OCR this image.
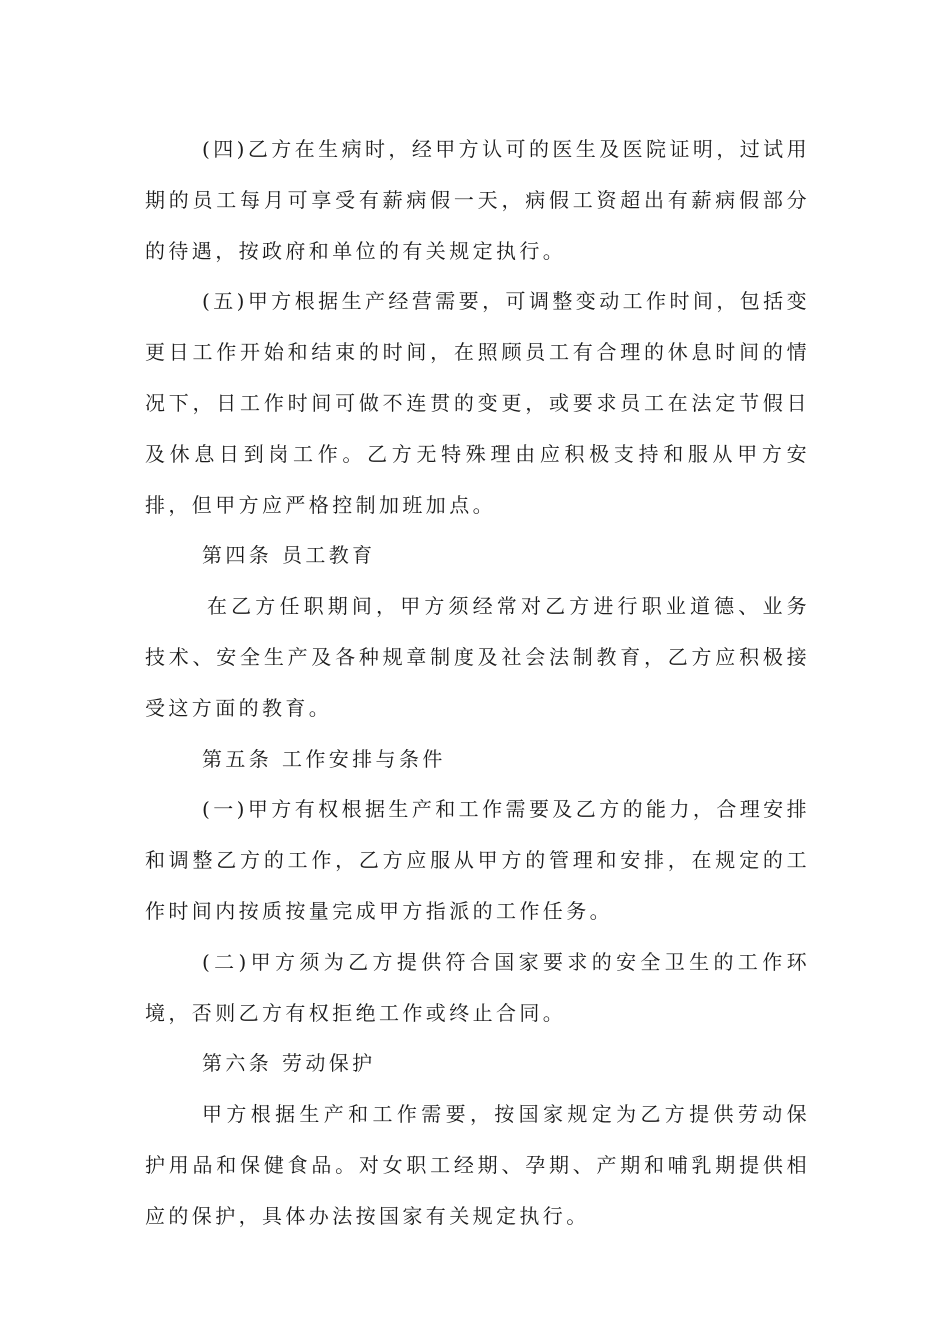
(四)乙方在生病时，经甲方认可的医生及医院证明，过试用期的员工每月可享受有薪病假一天，病假工资超出有薪病假部分的待遇，按政府和单位的有关规定执行。

(五)甲方根据生产经营需要，可调整变动工作时间，包括变更日工作开始和结束的时间，在照顾员工有合理的休息时间的情况下，日工作时间可做不连贯的变更，或要求员工在法定节假日及休息日到岗工作。乙方无特殊理由应积极支持和服从甲方安排，但甲方应严格控制加班加点。

第四条 员工教育

在乙方任职期间，甲方须经常对乙方进行职业道德、业务技术、安全生产及各种规章制度及社会法制教育，乙方应积极接受这方面的教育。

第五条 工作安排与条件

(一)甲方有权根据生产和工作需要及乙方的能力，合理安排和调整乙方的工作，乙方应服从甲方的管理和安排，在规定的工作时间内按质按量完成甲方指派的工作任务。

(二)甲方须为乙方提供符合国家要求的安全卫生的工作环境，否则乙方有权拒绝工作或终止合同。

第六条 劳动保护

甲方根据生产和工作需要，按国家规定为乙方提供劳动保护用品和保健食品。对女职工经期、孕期、产期和哺乳期提供相应的保护，具体办法按国家有关规定执行。
